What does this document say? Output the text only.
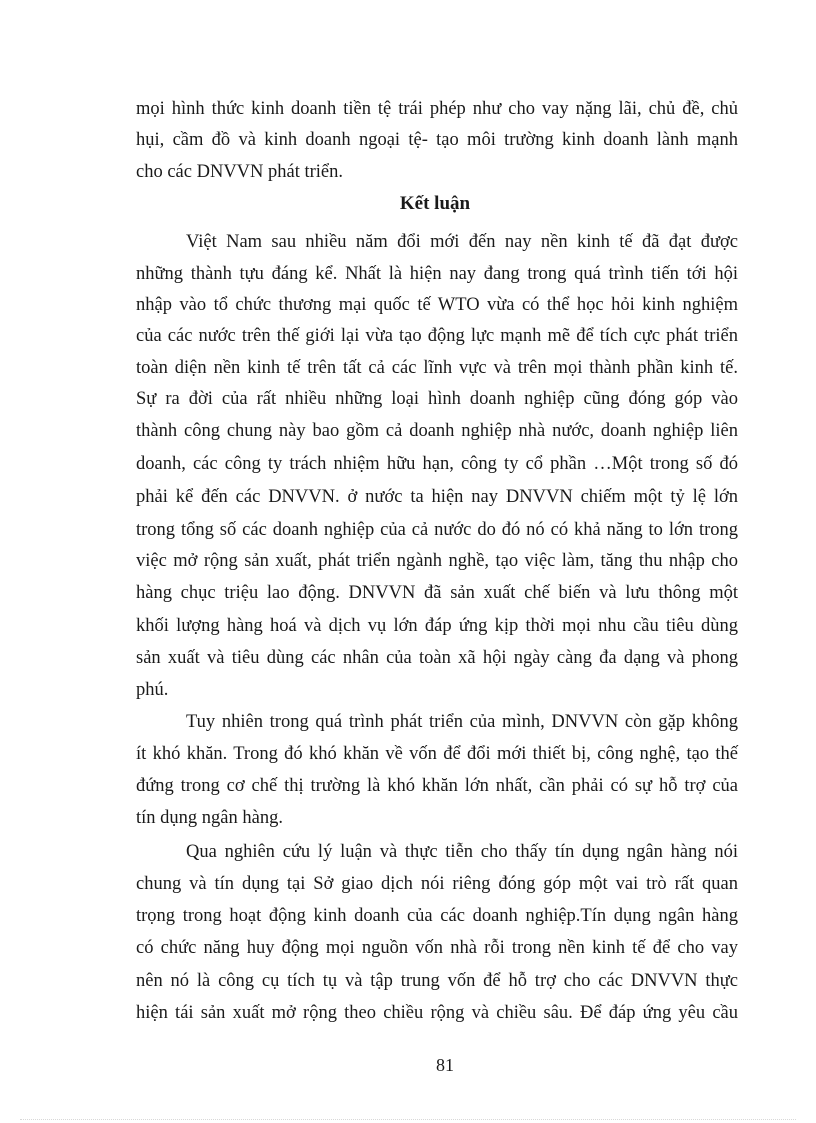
mọi hình thức kinh doanh tiền tệ trái phép như cho vay nặng lãi, chủ đề, chủ
hụi, cầm đồ và kinh doanh ngoại tệ- tạo môi trường kinh doanh lành mạnh
cho các DNVVN phát triển.
Kết luận
Việt Nam sau nhiều năm đổi mới đến nay nền kinh tế đã đạt được
những thành tựu đáng kể. Nhất là hiện nay đang trong quá trình tiến tới hội
nhập vào tổ chức thương mại quốc tế WTO vừa có thể học hỏi kinh nghiệm
của các nước trên thế giới lại vừa tạo động lực mạnh mẽ để tích cực phát triển
toàn diện nền kinh tế trên tất cả các lĩnh vực và trên mọi thành phần kinh tế.
Sự ra đời của rất nhiều những loại hình doanh nghiệp cũng đóng góp vào
thành công chung này bao gồm cả doanh nghiệp nhà nước, doanh nghiệp liên
doanh, các công ty trách nhiệm hữu hạn, công ty cổ phần …Một trong số đó
phải kể đến các DNVVN. ở nước ta hiện nay DNVVN chiếm một tỷ lệ lớn
trong tổng số các doanh nghiệp của cả nước do đó nó có khả năng to lớn trong
việc mở rộng sản xuất, phát triển ngành nghề, tạo việc làm, tăng thu nhập cho
hàng chục triệu lao động. DNVVN đã sản xuất chế biến và lưu thông một
khối lượng hàng hoá và dịch vụ lớn đáp ứng kịp thời mọi nhu cầu tiêu dùng
sản xuất và tiêu dùng các nhân của toàn xã hội ngày càng đa dạng và phong
phú.
Tuy nhiên trong quá trình phát triển của mình, DNVVN còn gặp không
ít khó khăn. Trong đó khó khăn về vốn để đổi mới thiết bị, công nghệ, tạo thế
đứng trong cơ chế thị trường là khó khăn lớn nhất, cần phải có sự hỗ trợ của
tín dụng ngân hàng.
Qua nghiên cứu lý luận và thực tiễn cho thấy tín dụng ngân hàng nói
chung và tín dụng tại Sở giao dịch nói riêng đóng góp một vai trò rất quan
trọng trong hoạt động kinh doanh của các doanh nghiệp.Tín dụng ngân hàng
có chức năng huy động mọi nguồn vốn nhà rỗi trong nền kinh tế để cho vay
nên nó là công cụ tích tụ và tập trung vốn để hỗ trợ cho các DNVVN thực
hiện tái sản xuất mở rộng theo chiều rộng và chiều sâu. Để đáp ứng yêu cầu
81
